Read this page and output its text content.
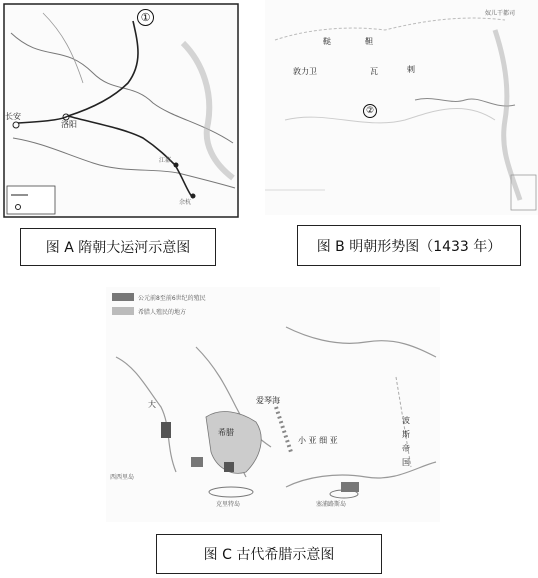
①
长安
洛阳
江都
余杭
图 A 隋朝大运河示意图
鞑	靼
敦力卫	瓦	剌
奴儿干都司
②
图 B 明朝形势图（1433 年）
公元前8至前6世纪的殖民
希腊人殖民的地方
大	爱琴海
希腊
小 亚 细 亚
波
斯
帝
国
西西里岛
克里特岛	塞浦路斯岛
图 C 古代希腊示意图
